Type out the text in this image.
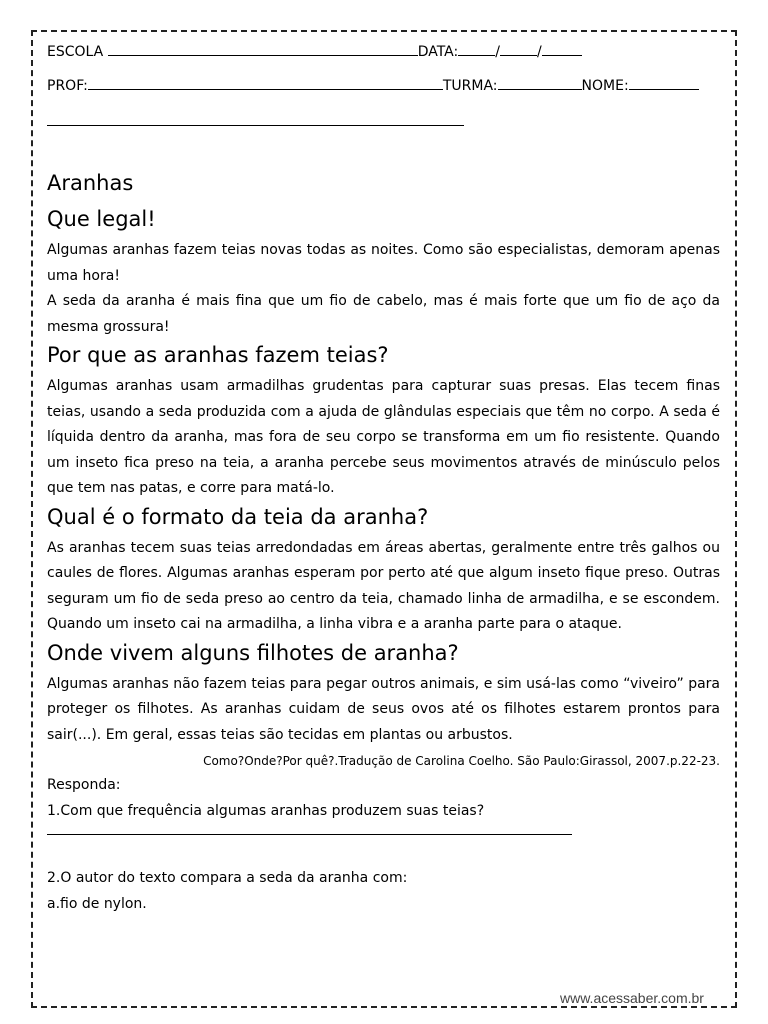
ESCOLA	DATA:	/	/
PROF:	TURMA:	NOME:
Aranhas
Que legal!

Algumas aranhas fazem teias novas todas as noites. Como são especialistas, demoram apenas uma hora!

A seda da aranha é mais fina que um fio de cabelo, mas é mais forte que um fio de aço da mesma grossura!

Por que as aranhas fazem teias?

Algumas aranhas usam armadilhas grudentas para capturar suas presas. Elas tecem finas teias, usando a seda produzida com a ajuda de glândulas especiais que têm no corpo. A seda é líquida dentro da aranha, mas fora de seu corpo se transforma em um fio resistente. Quando um inseto fica preso na teia, a aranha percebe seus movimentos através de minúsculo pelos que tem nas patas, e corre para matá-lo.

Qual é o formato da teia da aranha?

As aranhas tecem suas teias arredondadas em áreas abertas, geralmente entre três galhos ou caules de flores. Algumas aranhas esperam por perto até que algum inseto fique preso. Outras seguram um fio de seda preso ao centro da teia, chamado linha de armadilha, e se escondem. Quando um inseto cai na armadilha, a linha vibra e a aranha parte para o ataque.

Onde vivem alguns filhotes de aranha?

Algumas aranhas não fazem teias para pegar outros animais, e sim usá-las como “viveiro” para proteger os filhotes. As aranhas cuidam de seus ovos até os filhotes estarem prontos para sair(...). Em geral, essas teias são tecidas em plantas ou arbustos.

Como?Onde?Por quê?.Tradução de Carolina Coelho. São Paulo:Girassol, 2007.p.22-23.
Responda:
1.Com que frequência algumas aranhas produzem suas teias?
2.O autor do texto compara a seda da aranha com:
a.fio de nylon.
www.acessaber.com.br
